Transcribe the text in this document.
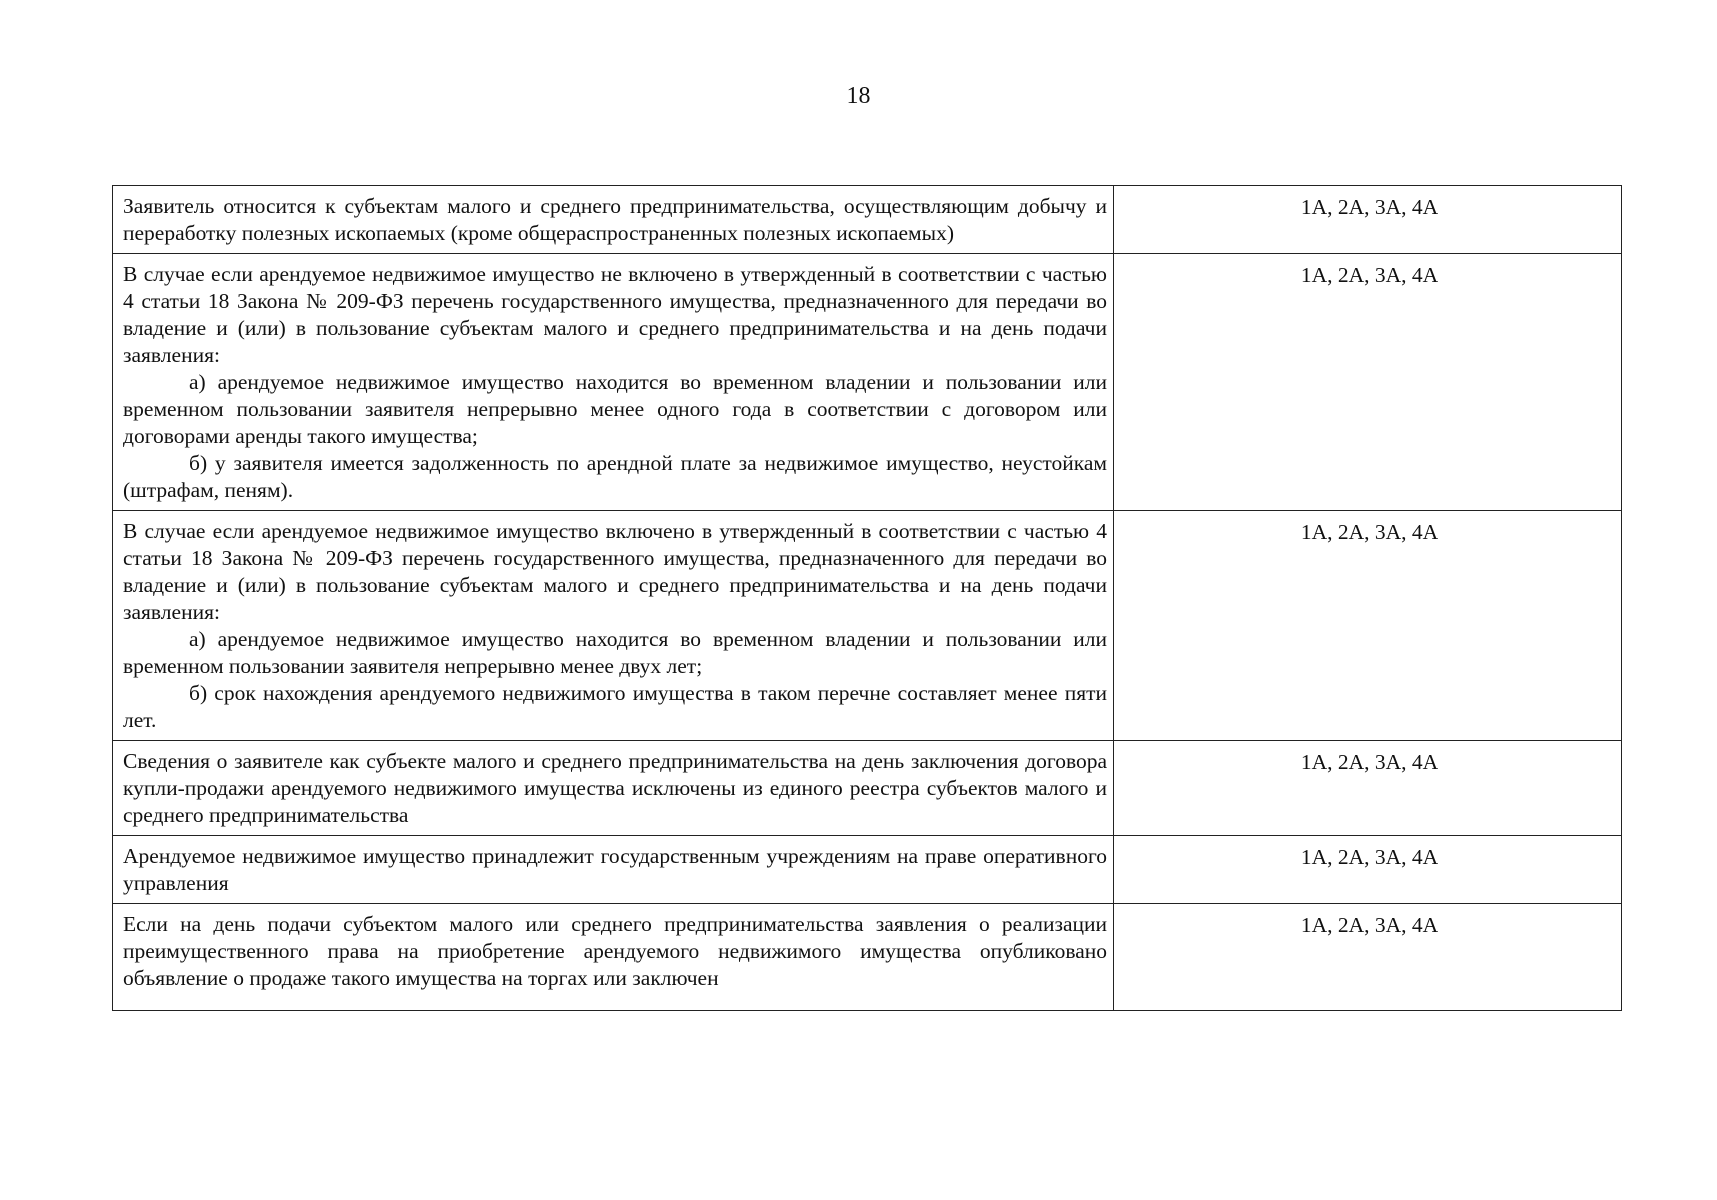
18
Заявитель относится к субъектам малого и среднего предпринимательства, осуществляющим добычу и переработку полезных ископаемых (кроме общераспространенных полезных ископаемых)	1А, 2А, 3А, 4А

В случае если арендуемое недвижимое имущество не включено в утвержденный в соответствии с частью 4 статьи 18 Закона № 209-ФЗ перечень государственного имущества, предназначенного для передачи во владение и (или) в пользование субъектам малого и среднего предпринимательства и на день подачи заявления:
а) арендуемое недвижимое имущество находится во временном владении и пользовании или временном пользовании заявителя непрерывно менее одного года в соответствии с договором или договорами аренды такого имущества;
б) у заявителя имеется задолженность по арендной плате за недвижимое имущество, неустойкам (штрафам, пеням).	1А, 2А, 3А, 4А

В случае если арендуемое недвижимое имущество включено в утвержденный в соответствии с частью 4 статьи 18 Закона № 209-ФЗ перечень государственного имущества, предназначенного для передачи во владение и (или) в пользование субъектам малого и среднего предпринимательства и на день подачи заявления:
а) арендуемое недвижимое имущество находится во временном владении и пользовании или временном пользовании заявителя непрерывно менее двух лет;
б) срок нахождения арендуемого недвижимого имущества в таком перечне составляет менее пяти лет.	1А, 2А, 3А, 4А

Сведения о заявителе как субъекте малого и среднего предпринимательства на день заключения договора купли-продажи арендуемого недвижимого имущества исключены из единого реестра субъектов малого и среднего предпринимательства	1А, 2А, 3А, 4А

Арендуемое недвижимое имущество принадлежит государственным учреждениям на праве оперативного управления	1А, 2А, 3А, 4А

Если на день подачи субъектом малого или среднего предпринимательства заявления о реализации преимущественного права на приобретение арендуемого недвижимого имущества опубликовано объявление о продаже такого имущества на торгах или заключен	1А, 2А, 3А, 4А
